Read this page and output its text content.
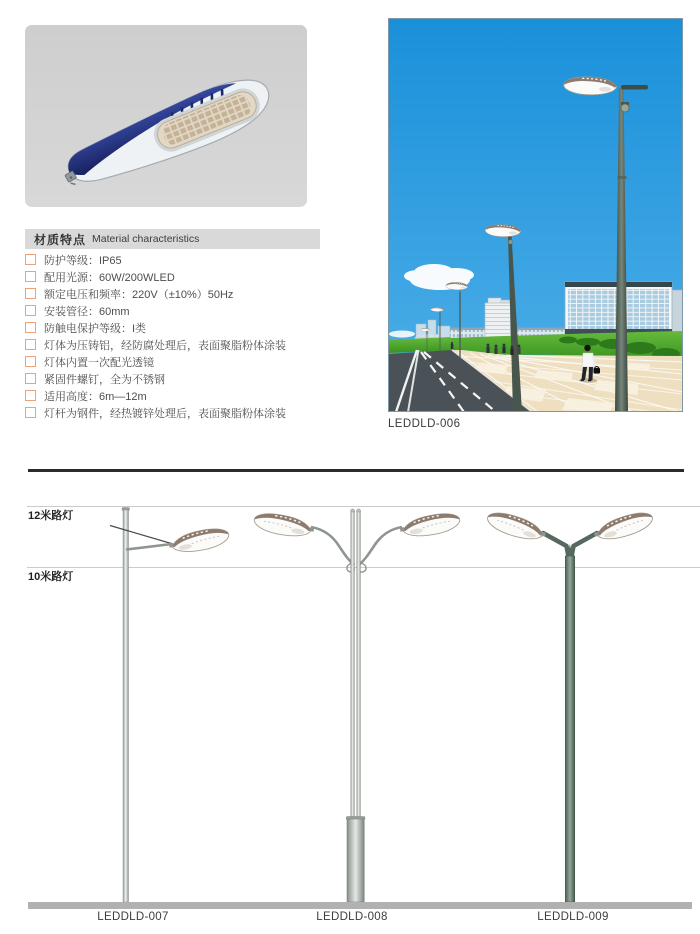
材质特点 Material characteristics
防护等级：IP65
配用光源：60W/200WLED
额定电压和频率：220V（±10%）50Hz
安装管径：60mm
防触电保护等级：I类
灯体为压铸铝，经防腐处理后，表面聚脂粉体涂装
灯体内置一次配光透镜
紧固件螺钉，全为不锈钢
适用高度：6m—12m
灯杆为钢件，经热镀锌处理后，表面聚脂粉体涂装
LEDDLD-006
12米路灯
10米路灯
LEDDLD-007	LEDDLD-008	LEDDLD-009
